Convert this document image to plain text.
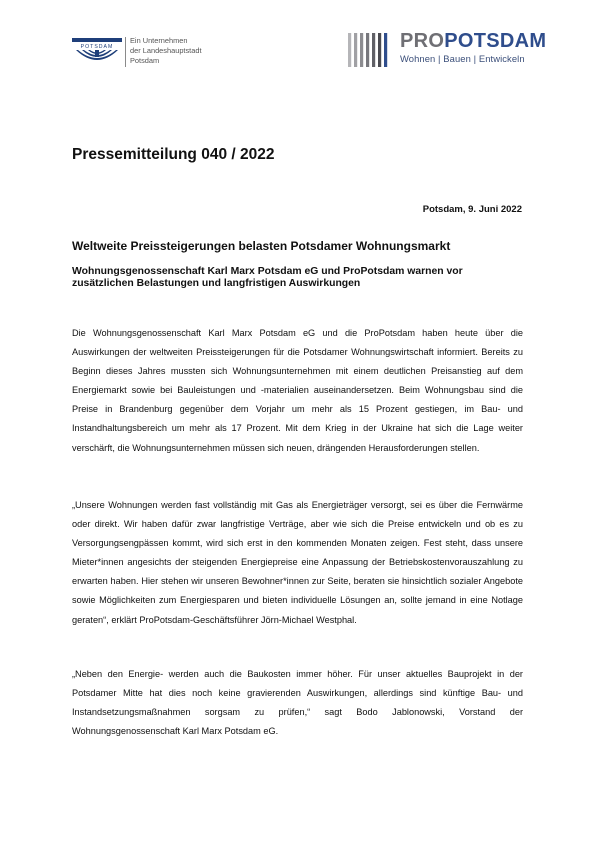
POTSDAM
Ein Unternehmen
der Landeshauptstadt
Potsdam
PROPOTSDAM
Wohnen | Bauen | Entwickeln
Pressemitteilung 040 / 2022
Potsdam, 9. Juni 2022
Weltweite Preissteigerungen belasten Potsdamer Wohnungsmarkt
Wohnungsgenossenschaft Karl Marx Potsdam eG und ProPotsdam warnen vor zusätzlichen Belastungen und langfristigen Auswirkungen

Die Wohnungsgenossenschaft Karl Marx Potsdam eG und die ProPotsdam haben heute über die Auswirkungen der weltweiten Preissteigerungen für die Potsdamer Wohnungswirtschaft informiert. Bereits zu Beginn dieses Jahres mussten sich Wohnungsunternehmen mit einem deutlichen Preisanstieg auf dem Energiemarkt sowie bei Bauleistungen und -materialien auseinandersetzen. Beim Wohnungsbau sind die Preise in Brandenburg gegenüber dem Vorjahr um mehr als 15 Prozent gestiegen, im Bau- und Instandhaltungsbereich um mehr als 17 Prozent. Mit dem Krieg in der Ukraine hat sich die Lage weiter verschärft, die Wohnungsunternehmen müssen sich neuen, drängenden Herausforderungen stellen.

„Unsere Wohnungen werden fast vollständig mit Gas als Energieträger versorgt, sei es über die Fernwärme oder direkt. Wir haben dafür zwar langfristige Verträge, aber wie sich die Preise entwickeln und ob es zu Versorgungsengpässen kommt, wird sich erst in den kommenden Monaten zeigen. Fest steht, dass unsere Mieter*innen angesichts der steigenden Energiepreise eine Anpassung der Betriebskostenvorauszahlung zu erwarten haben. Hier stehen wir unseren Bewohner*innen zur Seite, beraten sie hinsichtlich sozialer Angebote sowie Möglichkeiten zum Energiesparen und bieten individuelle Lösungen an, sollte jemand in eine Notlage geraten“, erklärt ProPotsdam-Geschäftsführer Jörn-Michael Westphal.

„Neben den Energie- werden auch die Baukosten immer höher. Für unser aktuelles Bauprojekt in der Potsdamer Mitte hat dies noch keine gravierenden Auswirkungen, allerdings sind künftige Bau- und Instandsetzungsmaßnahmen sorgsam zu prüfen,“ sagt Bodo Jablonowski, Vorstand der Wohnungsgenossenschaft Karl Marx Potsdam eG.
